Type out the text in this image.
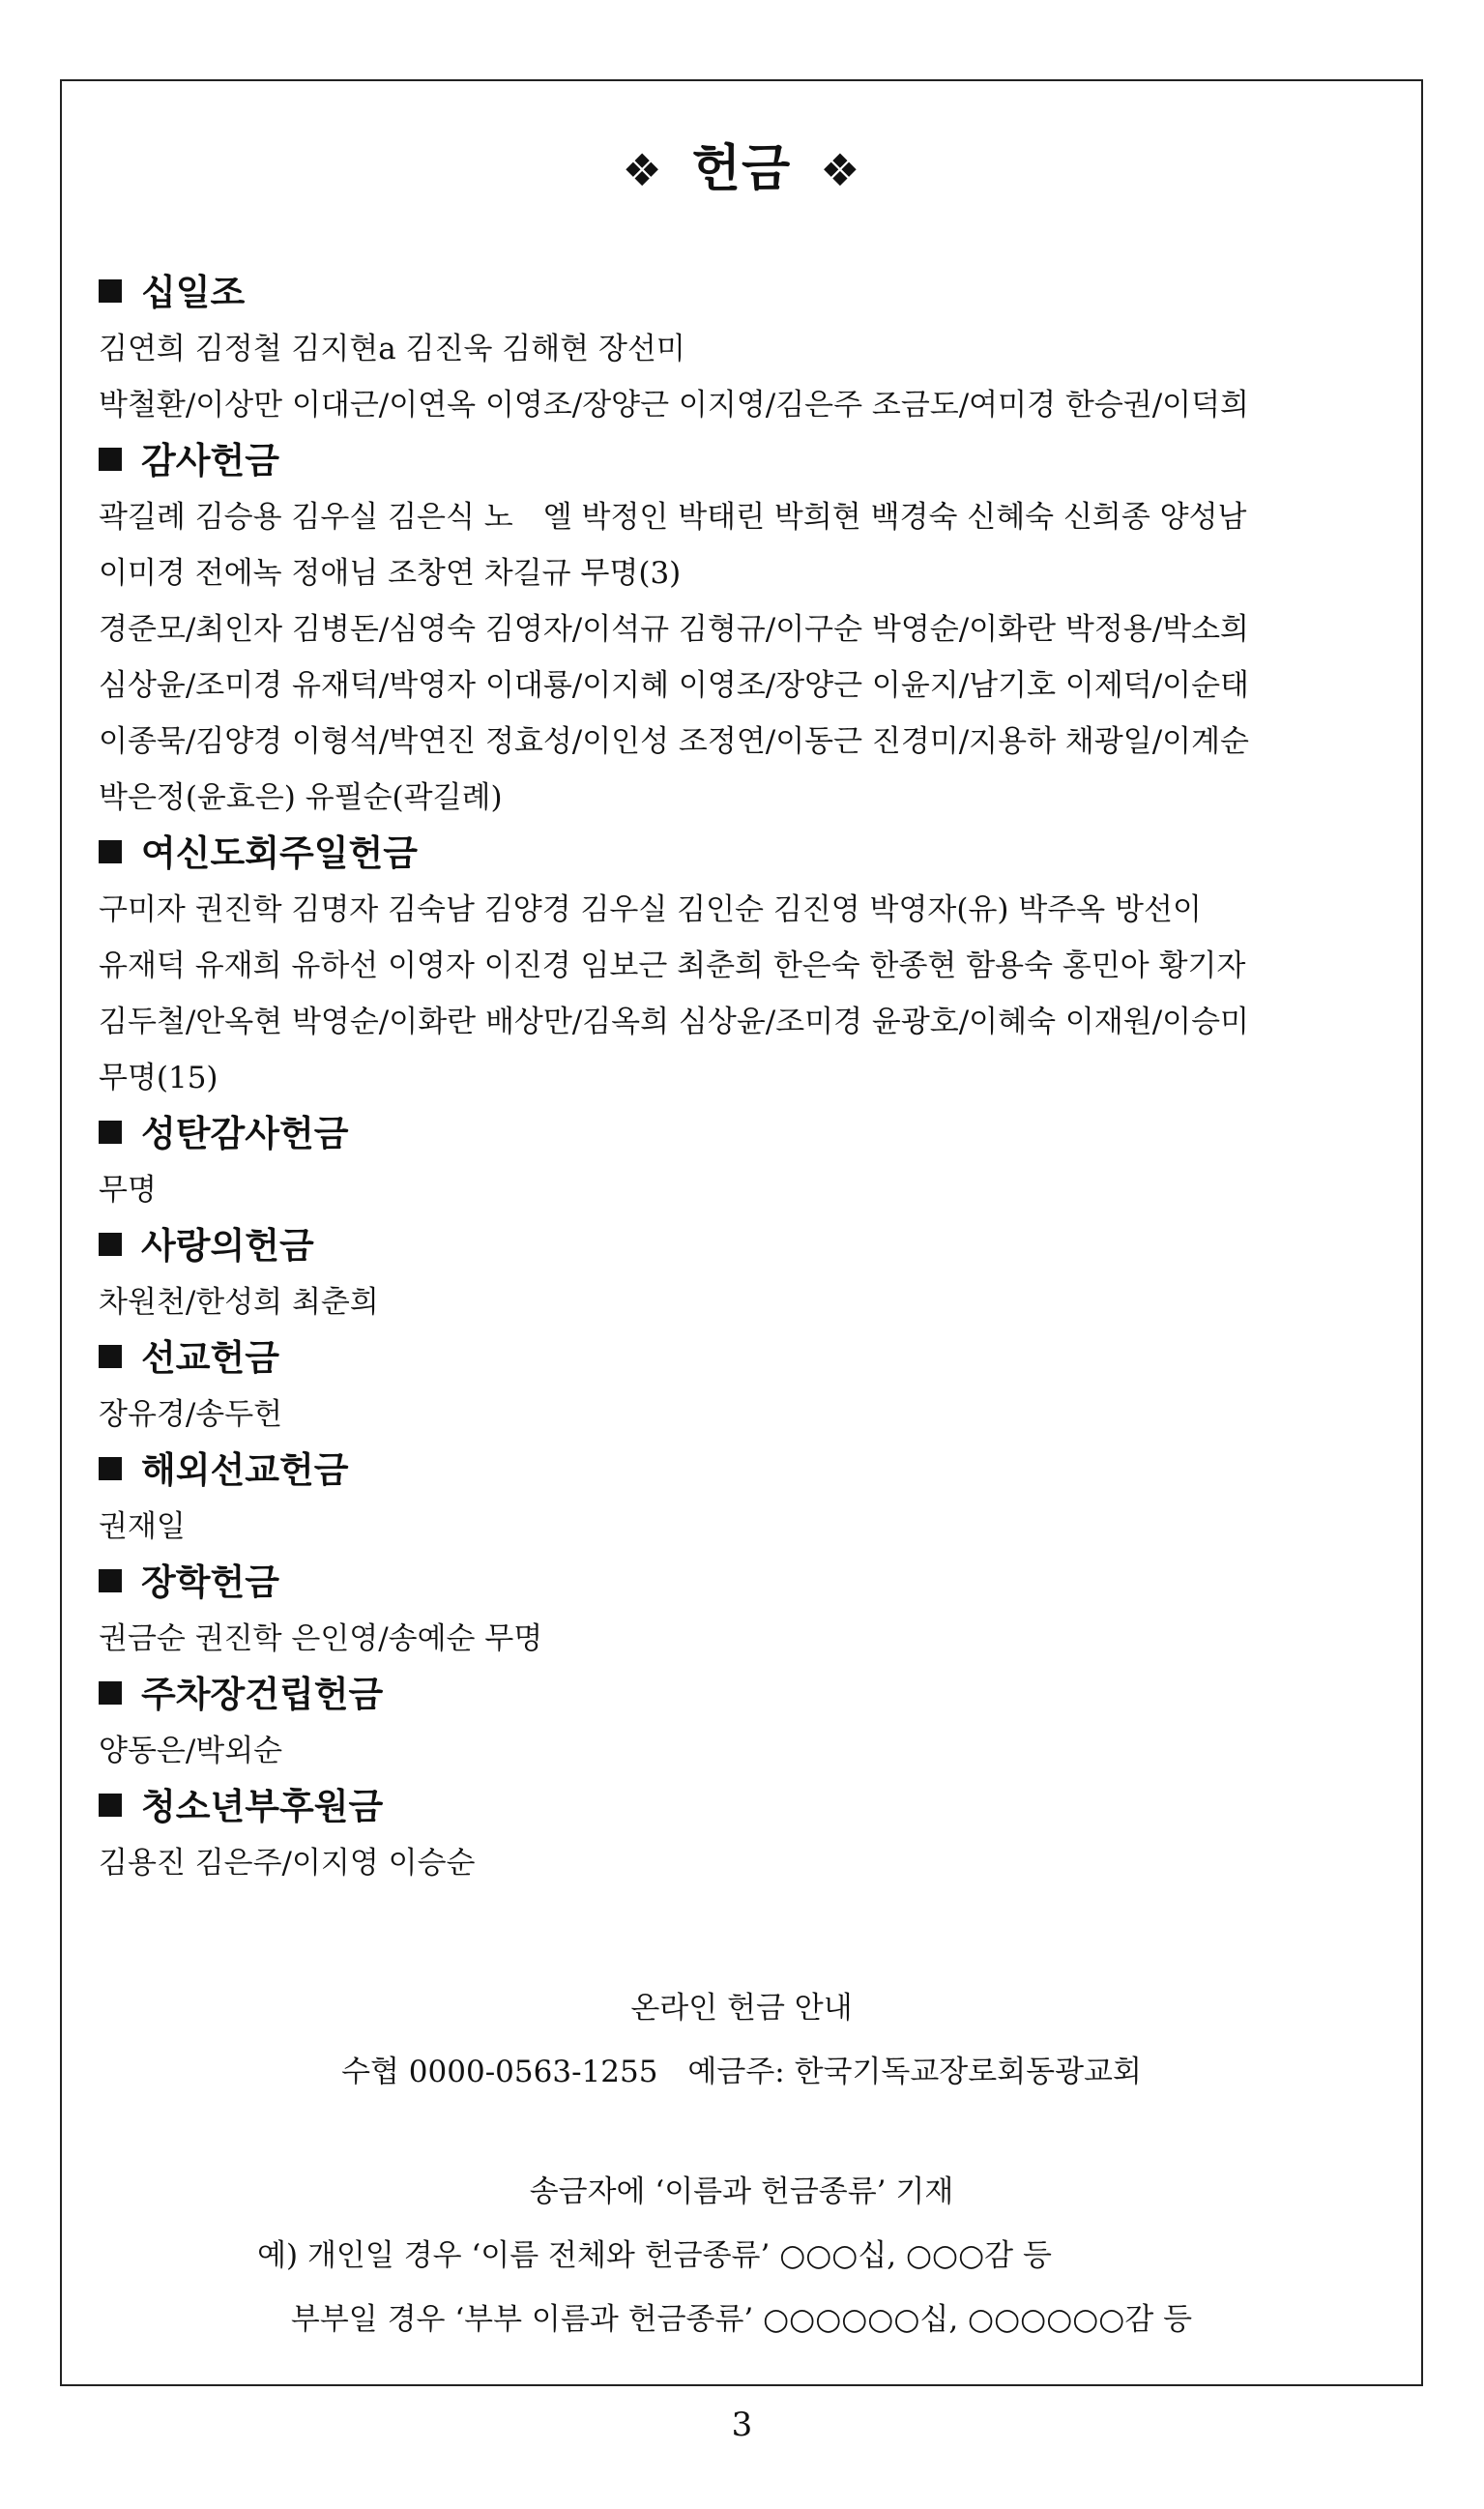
❖ 헌금 ❖

십일조

김연희 김정철 김지현a 김진욱 김해현 장선미

박철환/이상만 이대근/이연옥 이영조/장양근 이지영/김은주 조금도/여미경 한승권/이덕희

감사헌금

곽길례 김승용 김우실 김은식 노　엘 박정인 박태린 박희현 백경숙 신혜숙 신희종 양성남

이미경 전에녹 정애님 조창연 차길규 무명(3)

경준모/최인자 김병돈/심영숙 김영자/이석규 김형규/이구순 박영순/이화란 박정용/박소희

심상윤/조미경 유재덕/박영자 이대룡/이지혜 이영조/장양근 이윤지/남기호 이제덕/이순태

이종묵/김양경 이형석/박연진 정효성/이인성 조정연/이동근 진경미/지용하 채광일/이계순

박은정(윤효은) 유필순(곽길례)

여신도회주일헌금

구미자 권진학 김명자 김숙남 김양경 김우실 김인순 김진영 박영자(유) 박주옥 방선이

유재덕 유재희 유하선 이영자 이진경 임보근 최춘희 한은숙 한종현 함용숙 홍민아 황기자

김두철/안옥현 박영순/이화란 배상만/김옥희 심상윤/조미경 윤광호/이혜숙 이재원/이승미

무명(15)

성탄감사헌금

무명

사랑의헌금

차원천/한성희 최춘희

선교헌금

장유경/송두헌

해외선교헌금

권재일

장학헌금

권금순 권진학 은인영/송예순 무명

주차장건립헌금

양동은/박외순

청소년부후원금

김용진 김은주/이지영 이승순

온라인 헌금 안내

수협 0000-0563-1255　예금주: 한국기독교장로회동광교회

송금자에 ‘이름과 헌금종류’ 기재

예) 개인일 경우 ‘이름 전체와 헌금종류’ ○○○십, ○○○감 등

부부일 경우 ‘부부 이름과 헌금종류’ ○○○○○○십, ○○○○○○감 등

3
